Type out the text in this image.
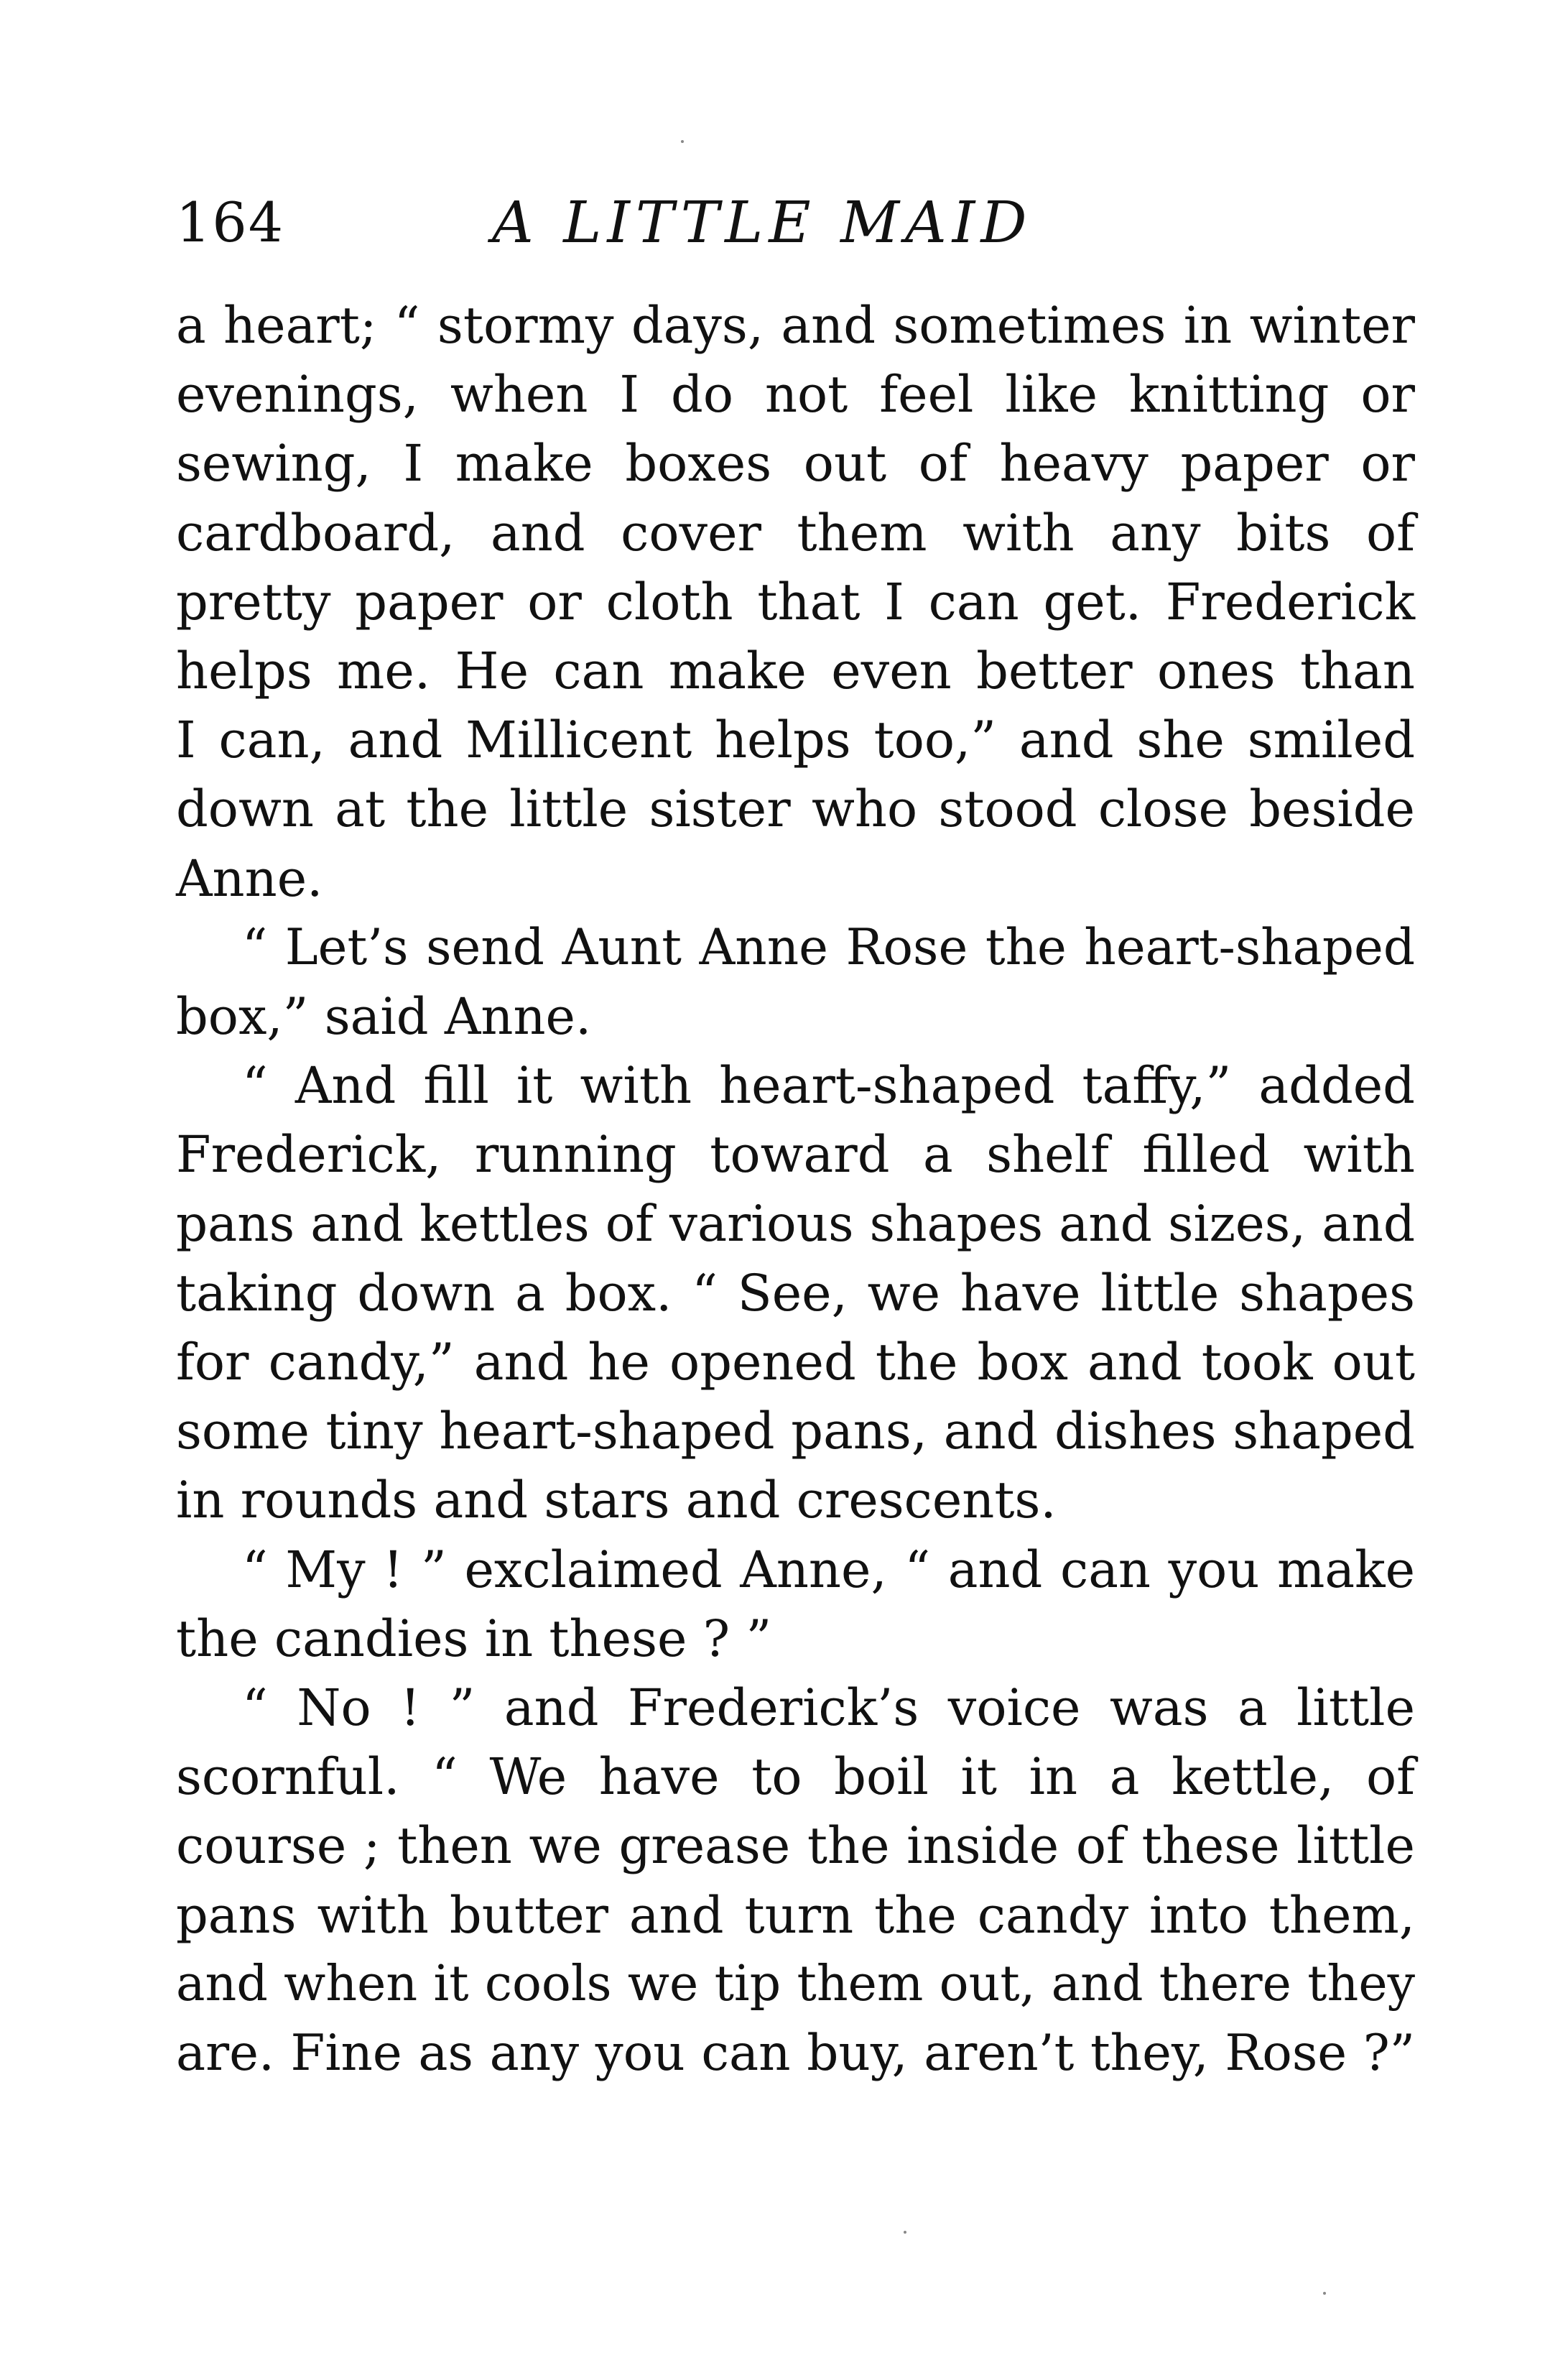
164	A LITTLE MAID
a heart; “ stormy days, and sometimes in winter
evenings, when I do not feel like knitting or
sewing, I make boxes out of heavy paper or
cardboard, and cover them with any bits of
pretty paper or cloth that I can get. Frederick
helps me. He can make even better ones than
I can, and Millicent helps too,” and she smiled
down at the little sister who stood close beside
Anne.
“ Let’s send Aunt Anne Rose the heart-shaped
box,” said Anne.
“ And fill it with heart-shaped taffy,” added
Frederick, running toward a shelf filled with
pans and kettles of various shapes and sizes, and
taking down a box. “ See, we have little shapes
for candy,” and he opened the box and took out
some tiny heart-shaped pans, and dishes shaped
in rounds and stars and crescents.
“ My ! ” exclaimed Anne, “ and can you make
the candies in these ? ”
“ No ! ” and Frederick’s voice was a little
scornful. “ We have to boil it in a kettle, of
course ; then we grease the inside of these little
pans with butter and turn the candy into them,
and when it cools we tip them out, and there they
are. Fine as any you can buy, aren’t they, Rose ?”
